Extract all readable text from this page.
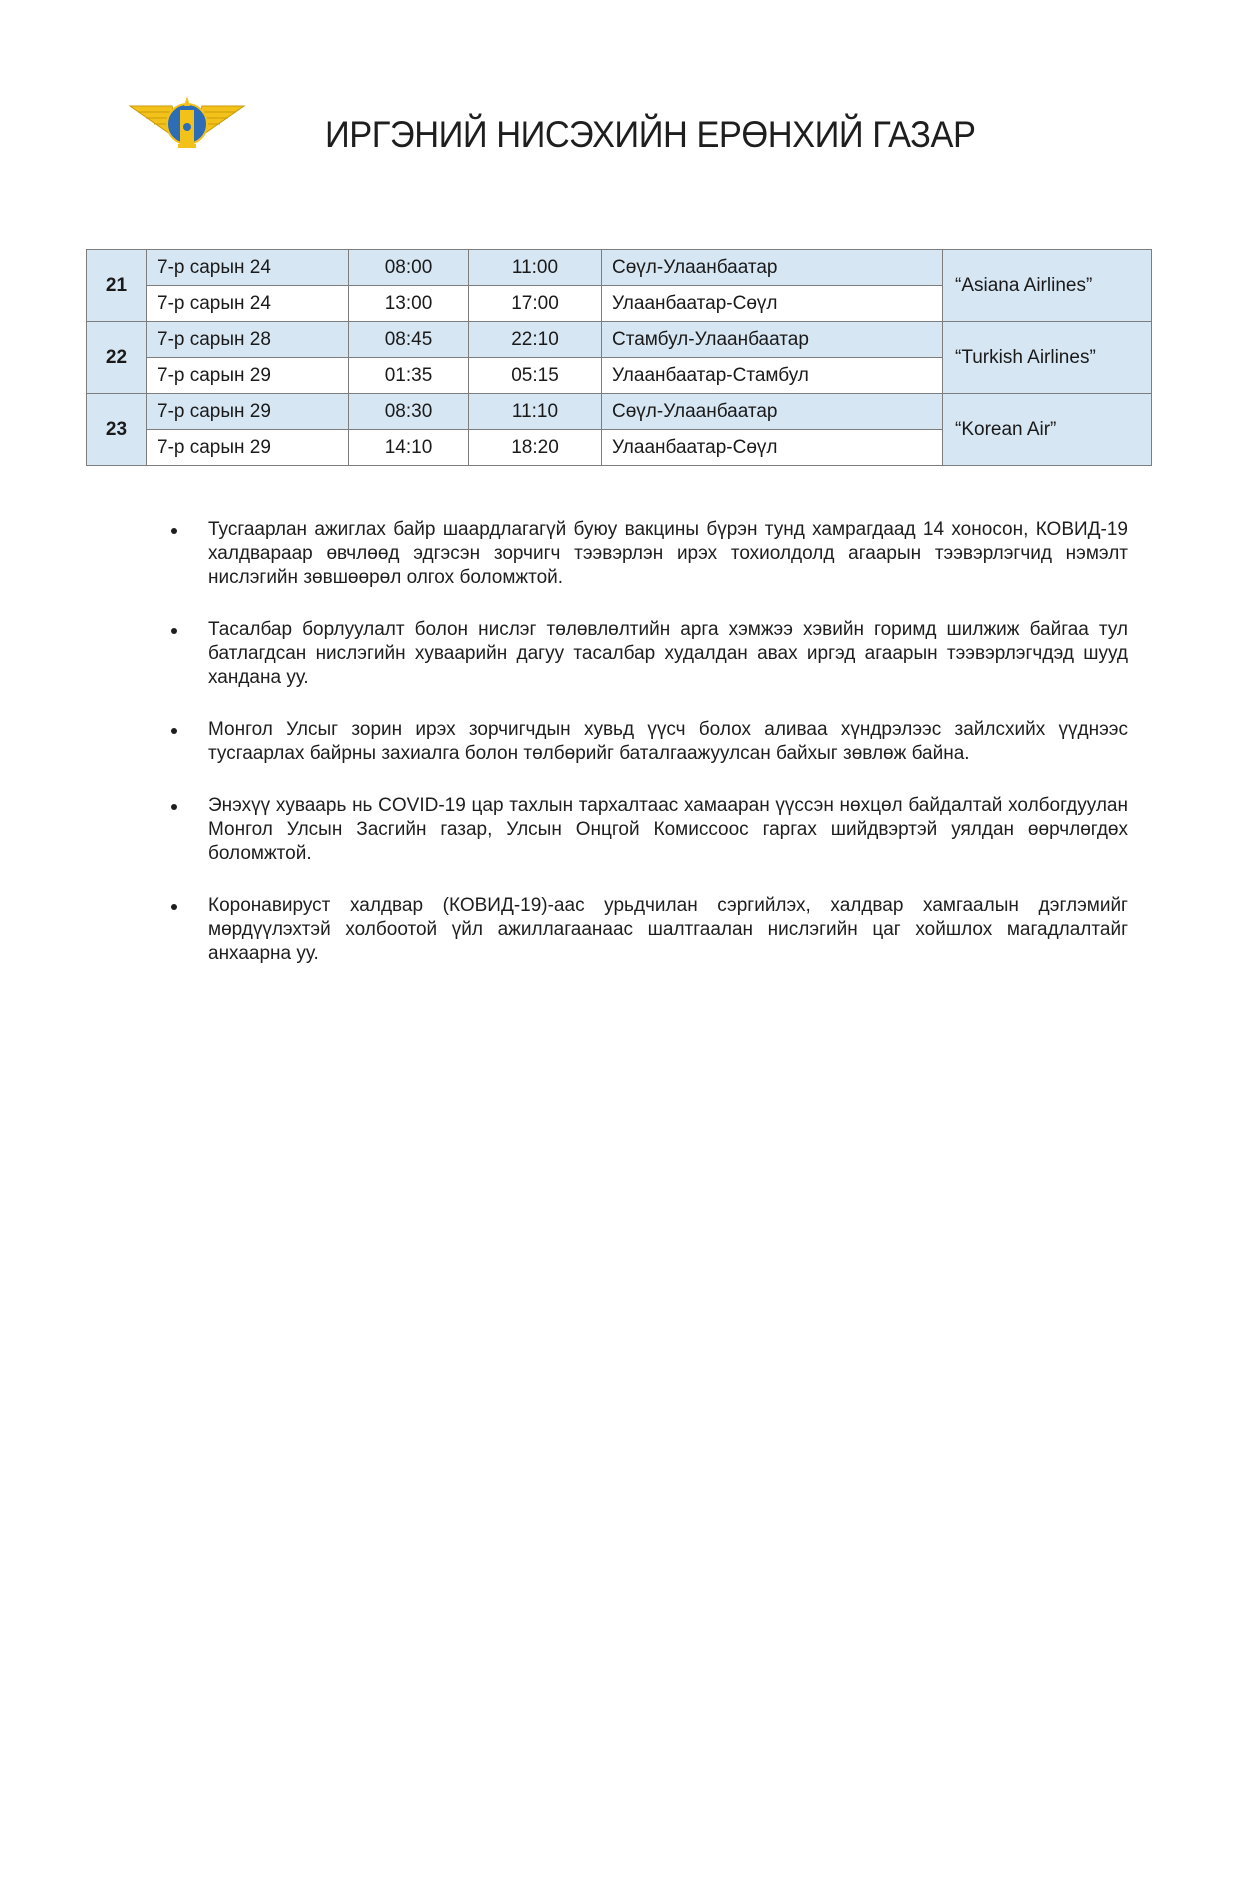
ИРГЭНИЙ НИСЭХИЙН ЕРӨНХИЙ ГАЗАР
21	7-р сарын 24	08:00	11:00	Сөүл-Улаанбаатар	“Asiana Airlines”
	7-р сарын 24	13:00	17:00	Улаанбаатар-Сөүл	
22	7-р сарын 28	08:45	22:10	Стамбул-Улаанбаатар	“Turkish Airlines”
	7-р сарын 29	01:35	05:15	Улаанбаатар-Стамбул	
23	7-р сарын 29	08:30	11:10	Сөүл-Улаанбаатар	“Korean Air”
	7-р сарын 29	14:10	18:20	Улаанбаатар-Сөүл	
Тусгаарлан ажиглах байр шаардлагагүй буюу вакцины бүрэн тунд хамрагдаад 14 хоносон, КОВИД-19 халдвараар өвчлөөд эдгэсэн зорчигч тээвэрлэн ирэх тохиолдолд агаарын тээвэрлэгчид нэмэлт нислэгийн зөвшөөрөл олгох боломжтой.
Тасалбар борлуулалт болон нислэг төлөвлөлтийн арга хэмжээ хэвийн горимд шилжиж байгаа тул батлагдсан нислэгийн хуваарийн дагуу тасалбар худалдан авах иргэд агаарын тээвэрлэгчдэд шууд хандана уу.
Монгол Улсыг зорин ирэх зорчигчдын хувьд үүсч болох аливаа хүндрэлээс зайлсхийх үүднээс тусгаарлах байрны захиалга болон төлбөрийг баталгаажуулсан байхыг зөвлөж байна.
Энэхүү хуваарь нь COVID-19 цар тахлын тархалтаас хамааран үүссэн нөхцөл байдалтай холбогдуулан Монгол Улсын Засгийн газар, Улсын Онцгой Комиссоос гаргах шийдвэртэй уялдан өөрчлөгдөх боломжтой.
Коронавируст халдвар (КОВИД-19)-аас урьдчилан сэргийлэх, халдвар хамгаалын дэглэмийг мөрдүүлэхтэй холбоотой үйл ажиллагаанаас шалтгаалан нислэгийн цаг хойшлох магадлалтайг анхаарна уу.
